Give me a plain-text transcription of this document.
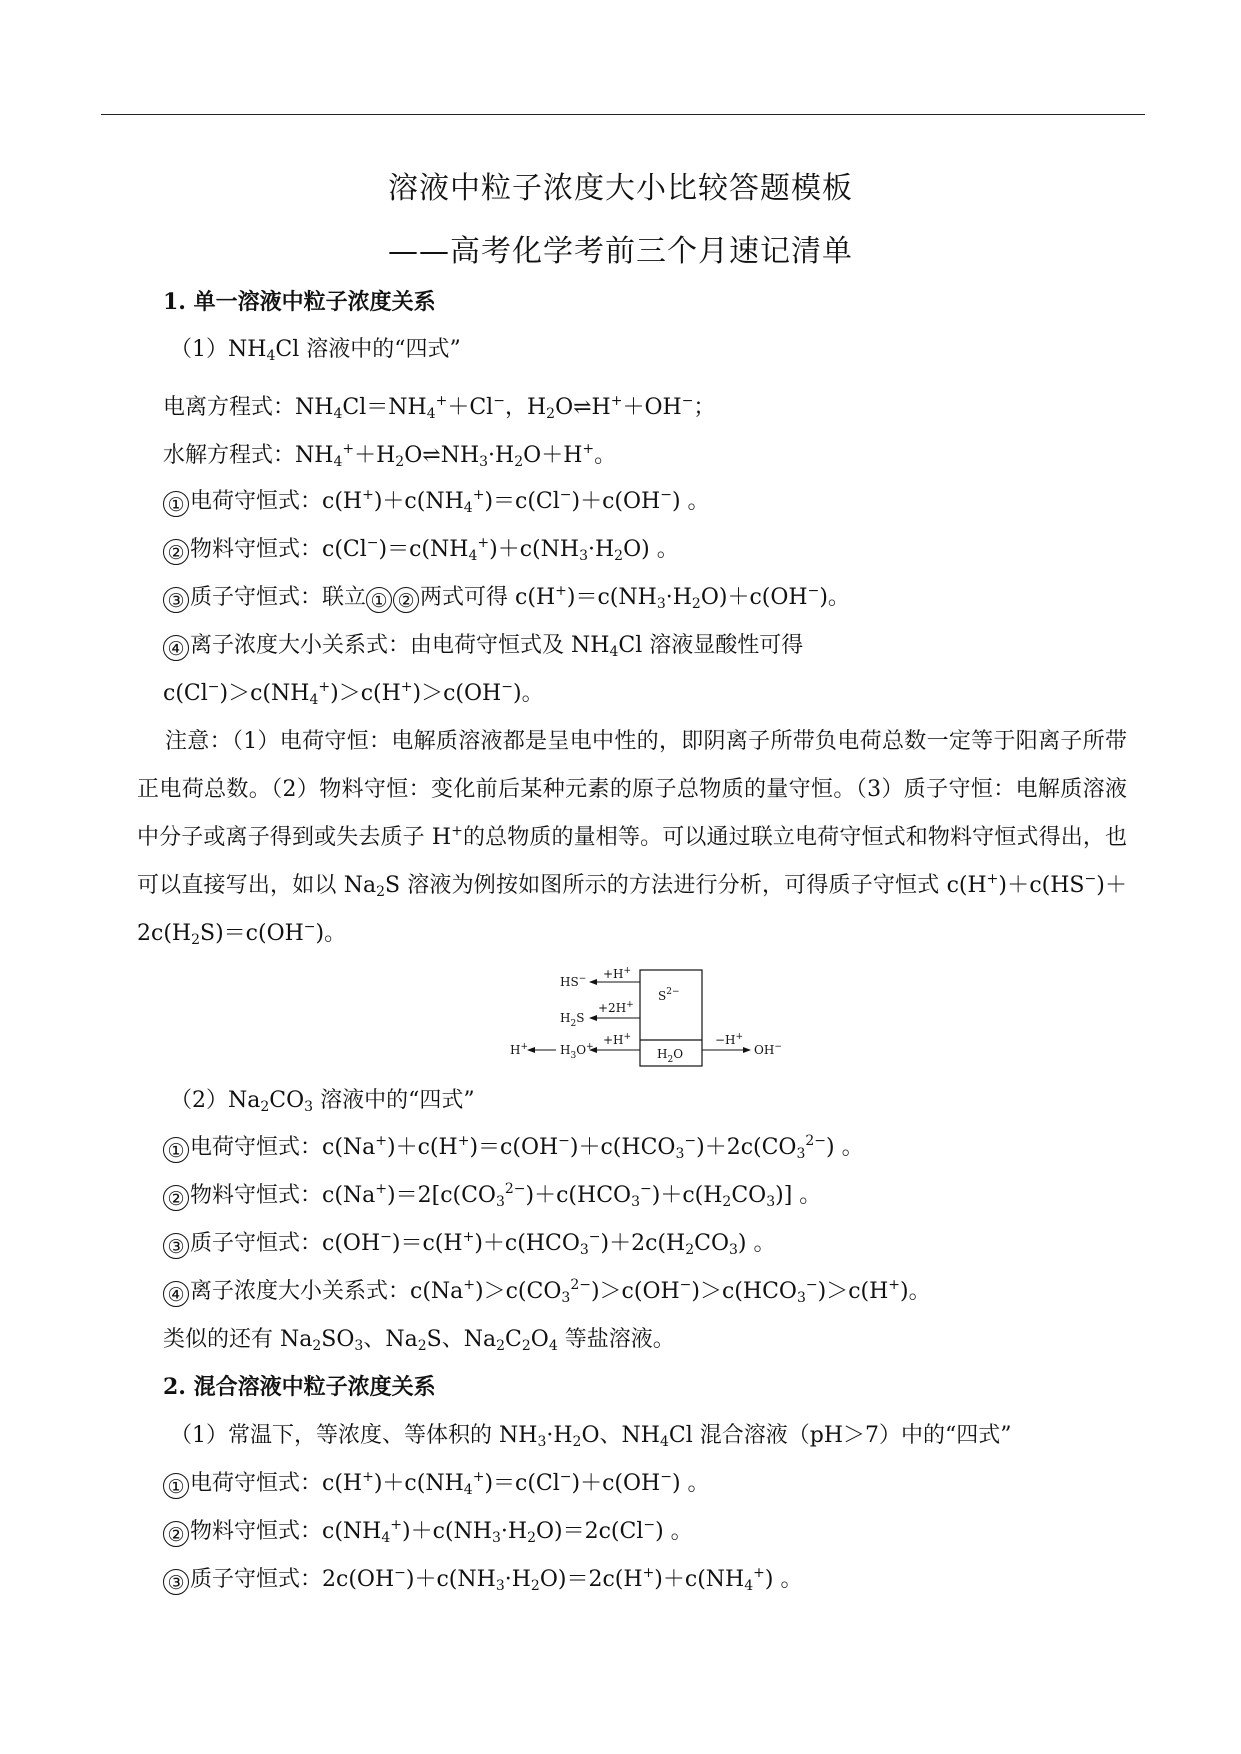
溶液中粒子浓度大小比较答题模板
——高考化学考前三个月速记清单
1. 单一溶液中粒子浓度关系
$(1)NH_4Cl$ 溶液中的“四式”
电离方程式：$NH_4Cl=NH_4^++Cl^-$，$H_2O\rightleftharpoons H^++OH^-$；
水解方程式：$NH_4^++H_2O\rightleftharpoons NH_3\cdot H_2O+H^+$。
① 电荷守恒式：$c(H^+)+c(NH_4^+)=c(Cl^-)+c(OH^-)$ 。
② 物料守恒式：$c(Cl^-)=c(NH_4^+)+c(NH_3\cdot H_2O)$ 。
③ 质子守恒式：联立 ① ② 两式可得 $c(H^+)=c(NH_3\cdot H_2O)+c(OH^-)$。
④ 离子浓度大小关系式：由电荷守恒式及 $NH_4Cl$ 溶液显酸性可得
$c(Cl^-)>c(NH_4^+)>c(H^+)>c(OH^-)$。
注意：（1）电荷守恒：电解质溶液都是呈电中性的，即阴离子所带负电荷总数一定等于阳离子所带正电荷总数。（2）物料守恒：变化前后某种元素的原子总物质的量守恒。（3）质子守恒：电解质溶液中分子或离子得到或失去质子 H+的总物质的量相等。可以通过联立电荷守恒式和物料守恒式得出，也可以直接写出，如以 $Na_2S$ 溶液为例按如图所示的方法进行分析，可得质子守恒式 $c(H^+)+c(HS^-)+2c(H_2S)=c(OH^-)$。
$S^{2-}$
$H_2O$
+H+
HS−
+2H+
$H_2S$
+H+
$H_3O^+$
H+	−H+
OH−
$(2)Na_2CO_3$ 溶液中的“四式”
① 电荷守恒式：$c(Na^+)+c(H^+)=c(OH^-)+c(HCO_3^-)+2c(CO_3^{2-})$ 。
② 物料守恒式：$c(Na^+)=2[c(CO_3^{2-})+c(HCO_3^-)+c(H_2CO_3)]$ 。
③ 质子守恒式：$c(OH^-)=c(H^+)+c(HCO_3^-)+2c(H_2CO_3)$ 。
④ 离子浓度大小关系式：$c(Na^+)>c(CO_3^{2-})>c(OH^-)>c(HCO_3^-)>c(H^+)$。
类似的还有 $Na_2SO_3$、$Na_2S$、$Na_2C_2O_4$ 等盐溶液。
2. 混合溶液中粒子浓度关系
（1）常温下，等浓度、等体积的 $NH_3\cdot H_2O$、$NH_4Cl$ 混合溶液（pH＞7）中的“四式”
① 电荷守恒式：$c(H^+)+c(NH_4^+)=c(Cl^-)+c(OH^-)$ 。
② 物料守恒式：$c(NH_4^+)+c(NH_3\cdot H_2O)=2c(Cl^-)$ 。
③ 质子守恒式：$2c(OH^-)+c(NH_3\cdot H_2O)=2c(H^+)+c(NH_4^+)$ 。
